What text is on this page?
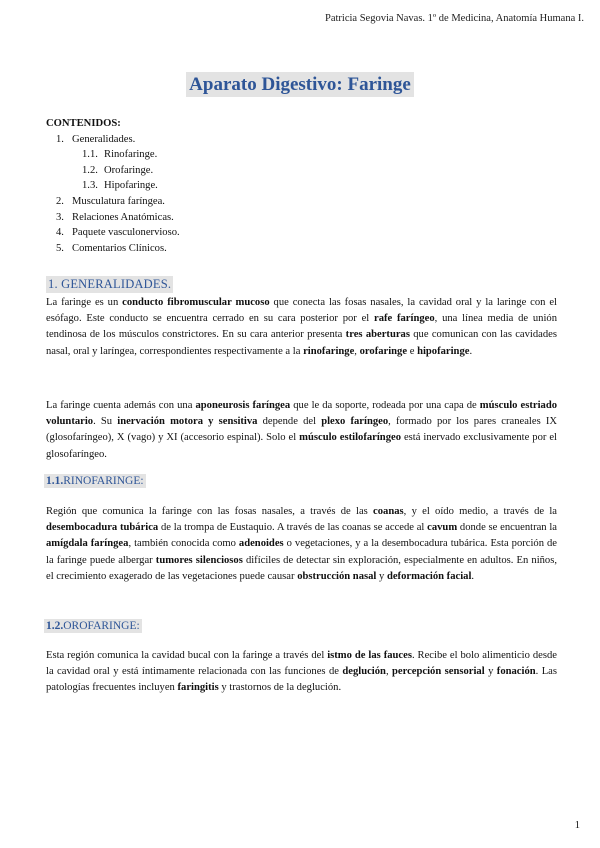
Patricia Segovia Navas. 1º de Medicina, Anatomía Humana I.
Aparato Digestivo: Faringe
CONTENIDOS:
1. Generalidades.
1.1. Rinofaringe.
1.2. Orofaringe.
1.3. Hipofaringe.
2. Musculatura faríngea.
3. Relaciones Anatómicas.
4. Paquete vasculonervioso.
5. Comentarios Clínicos.
1. GENERALIDADES.

La faringe es un conducto fibromuscular mucoso que conecta las fosas nasales, la cavidad oral y la laringe con el esófago. Este conducto se encuentra cerrado en su cara posterior por el rafe faríngeo, una línea media de unión tendinosa de los músculos constrictores. En su cara anterior presenta tres aberturas que comunican con las cavidades nasal, oral y laríngea, correspondientes respectivamente a la rinofaringe, orofaringe e hipofaringe.

La faringe cuenta además con una aponeurosis faríngea que le da soporte, rodeada por una capa de músculo estriado voluntario. Su inervación motora y sensitiva depende del plexo faríngeo, formado por los pares craneales IX (glosofaríngeo), X (vago) y XI (accesorio espinal). Solo el músculo estilofaríngeo está inervado exclusivamente por el glosofaríngeo.

1.1.RINOFARINGE:

Región que comunica la faringe con las fosas nasales, a través de las coanas, y el oído medio, a través de la desembocadura tubárica de la trompa de Eustaquio. A través de las coanas se accede al cavum donde se encuentran la amígdala faríngea, también conocida como adenoides o vegetaciones, y a la desembocadura tubárica. Esta porción de la faringe puede albergar tumores silenciosos difíciles de detectar sin exploración, especialmente en adultos. En niños, el crecimiento exagerado de las vegetaciones puede causar obstrucción nasal y deformación facial.

1.2.OROFARINGE:

Esta región comunica la cavidad bucal con la faringe a través del istmo de las fauces. Recibe el bolo alimenticio desde la cavidad oral y está íntimamente relacionada con las funciones de deglución, percepción sensorial y fonación. Las patologías frecuentes incluyen faringitis y trastornos de la deglución.

1
